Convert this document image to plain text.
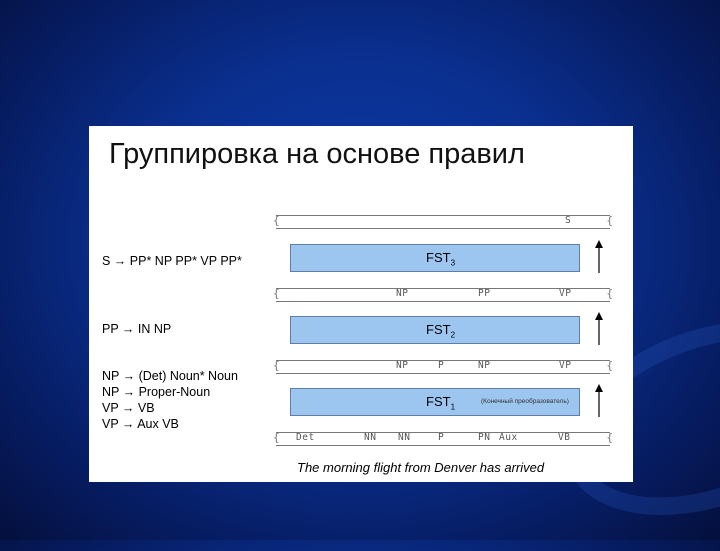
Группировка на основе правил
S → PP* NP PP* VP PP*
PP → IN NP
NP → (Det) Noun* Noun
NP → Proper-Noun
VP → VB
VP → Aux VB
{	{
S
$FST_3$
{	{
NP	PP	VP
$FST_2$
{	{
NP	P	NP	VP
$FST_1$
(Конечный преобразователь)
{	{
Det	NN NN	P	PN Aux	VB
The morning flight from Denver has arrived
